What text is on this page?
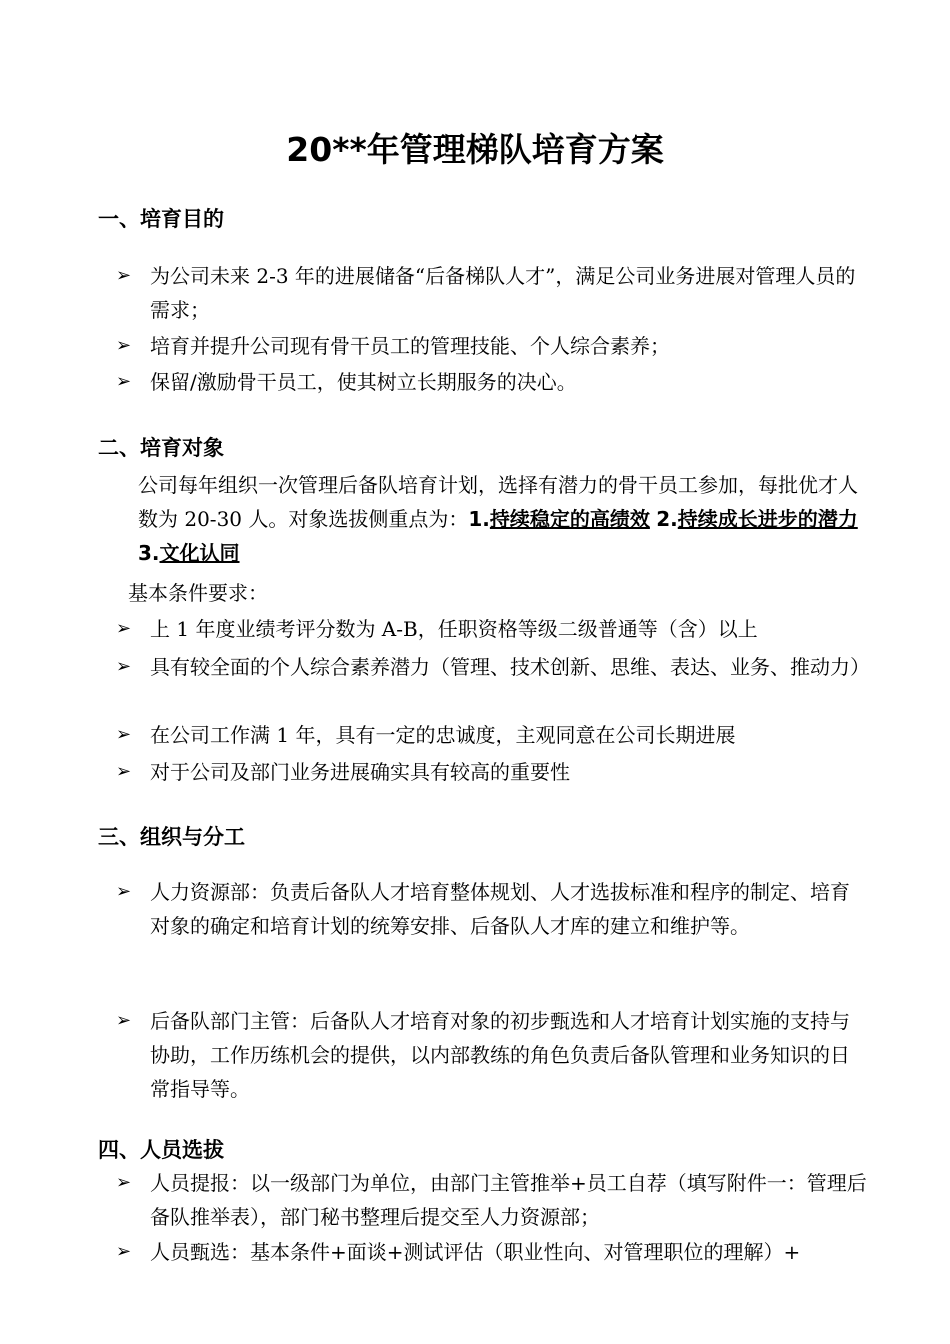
20**年管理梯队培育方案
一、培育目的
➢ 为公司未来 2-3 年的进展储备“后备梯队人才”，满足公司业务进展对管理人员的需求；
➢ 培育并提升公司现有骨干员工的管理技能、个人综合素养；
➢ 保留/激励骨干员工，使其树立长期服务的决心。
二、培育对象
公司每年组织一次管理后备队培育计划，选择有潜力的骨干员工参加，每批优才人数为 20-30 人。对象选拔侧重点为：1.持续稳定的高绩效 2.持续成长进步的潜力3.文化认同
基本条件要求：
➢ 上 1 年度业绩考评分数为 A-B，任职资格等级二级普通等（含）以上
➢ 具有较全面的个人综合素养潜力（管理、技术创新、思维、表达、业务、推动力）
➢ 在公司工作满 1 年，具有一定的忠诚度，主观同意在公司长期进展
➢ 对于公司及部门业务进展确实具有较高的重要性
三、组织与分工
➢ 人力资源部：负责后备队人才培育整体规划、人才选拔标准和程序的制定、培育对象的确定和培育计划的统筹安排、后备队人才库的建立和维护等。
➢ 后备队部门主管：后备队人才培育对象的初步甄选和人才培育计划实施的支持与协助，工作历练机会的提供，以内部教练的角色负责后备队管理和业务知识的日常指导等。
四、人员选拔
➢ 人员提报：以一级部门为单位，由部门主管推举+员工自荐（填写附件一：管理后备队推举表），部门秘书整理后提交至人力资源部；
➢ 人员甄选：基本条件+面谈+测试评估（职业性向、对管理职位的理解）+
